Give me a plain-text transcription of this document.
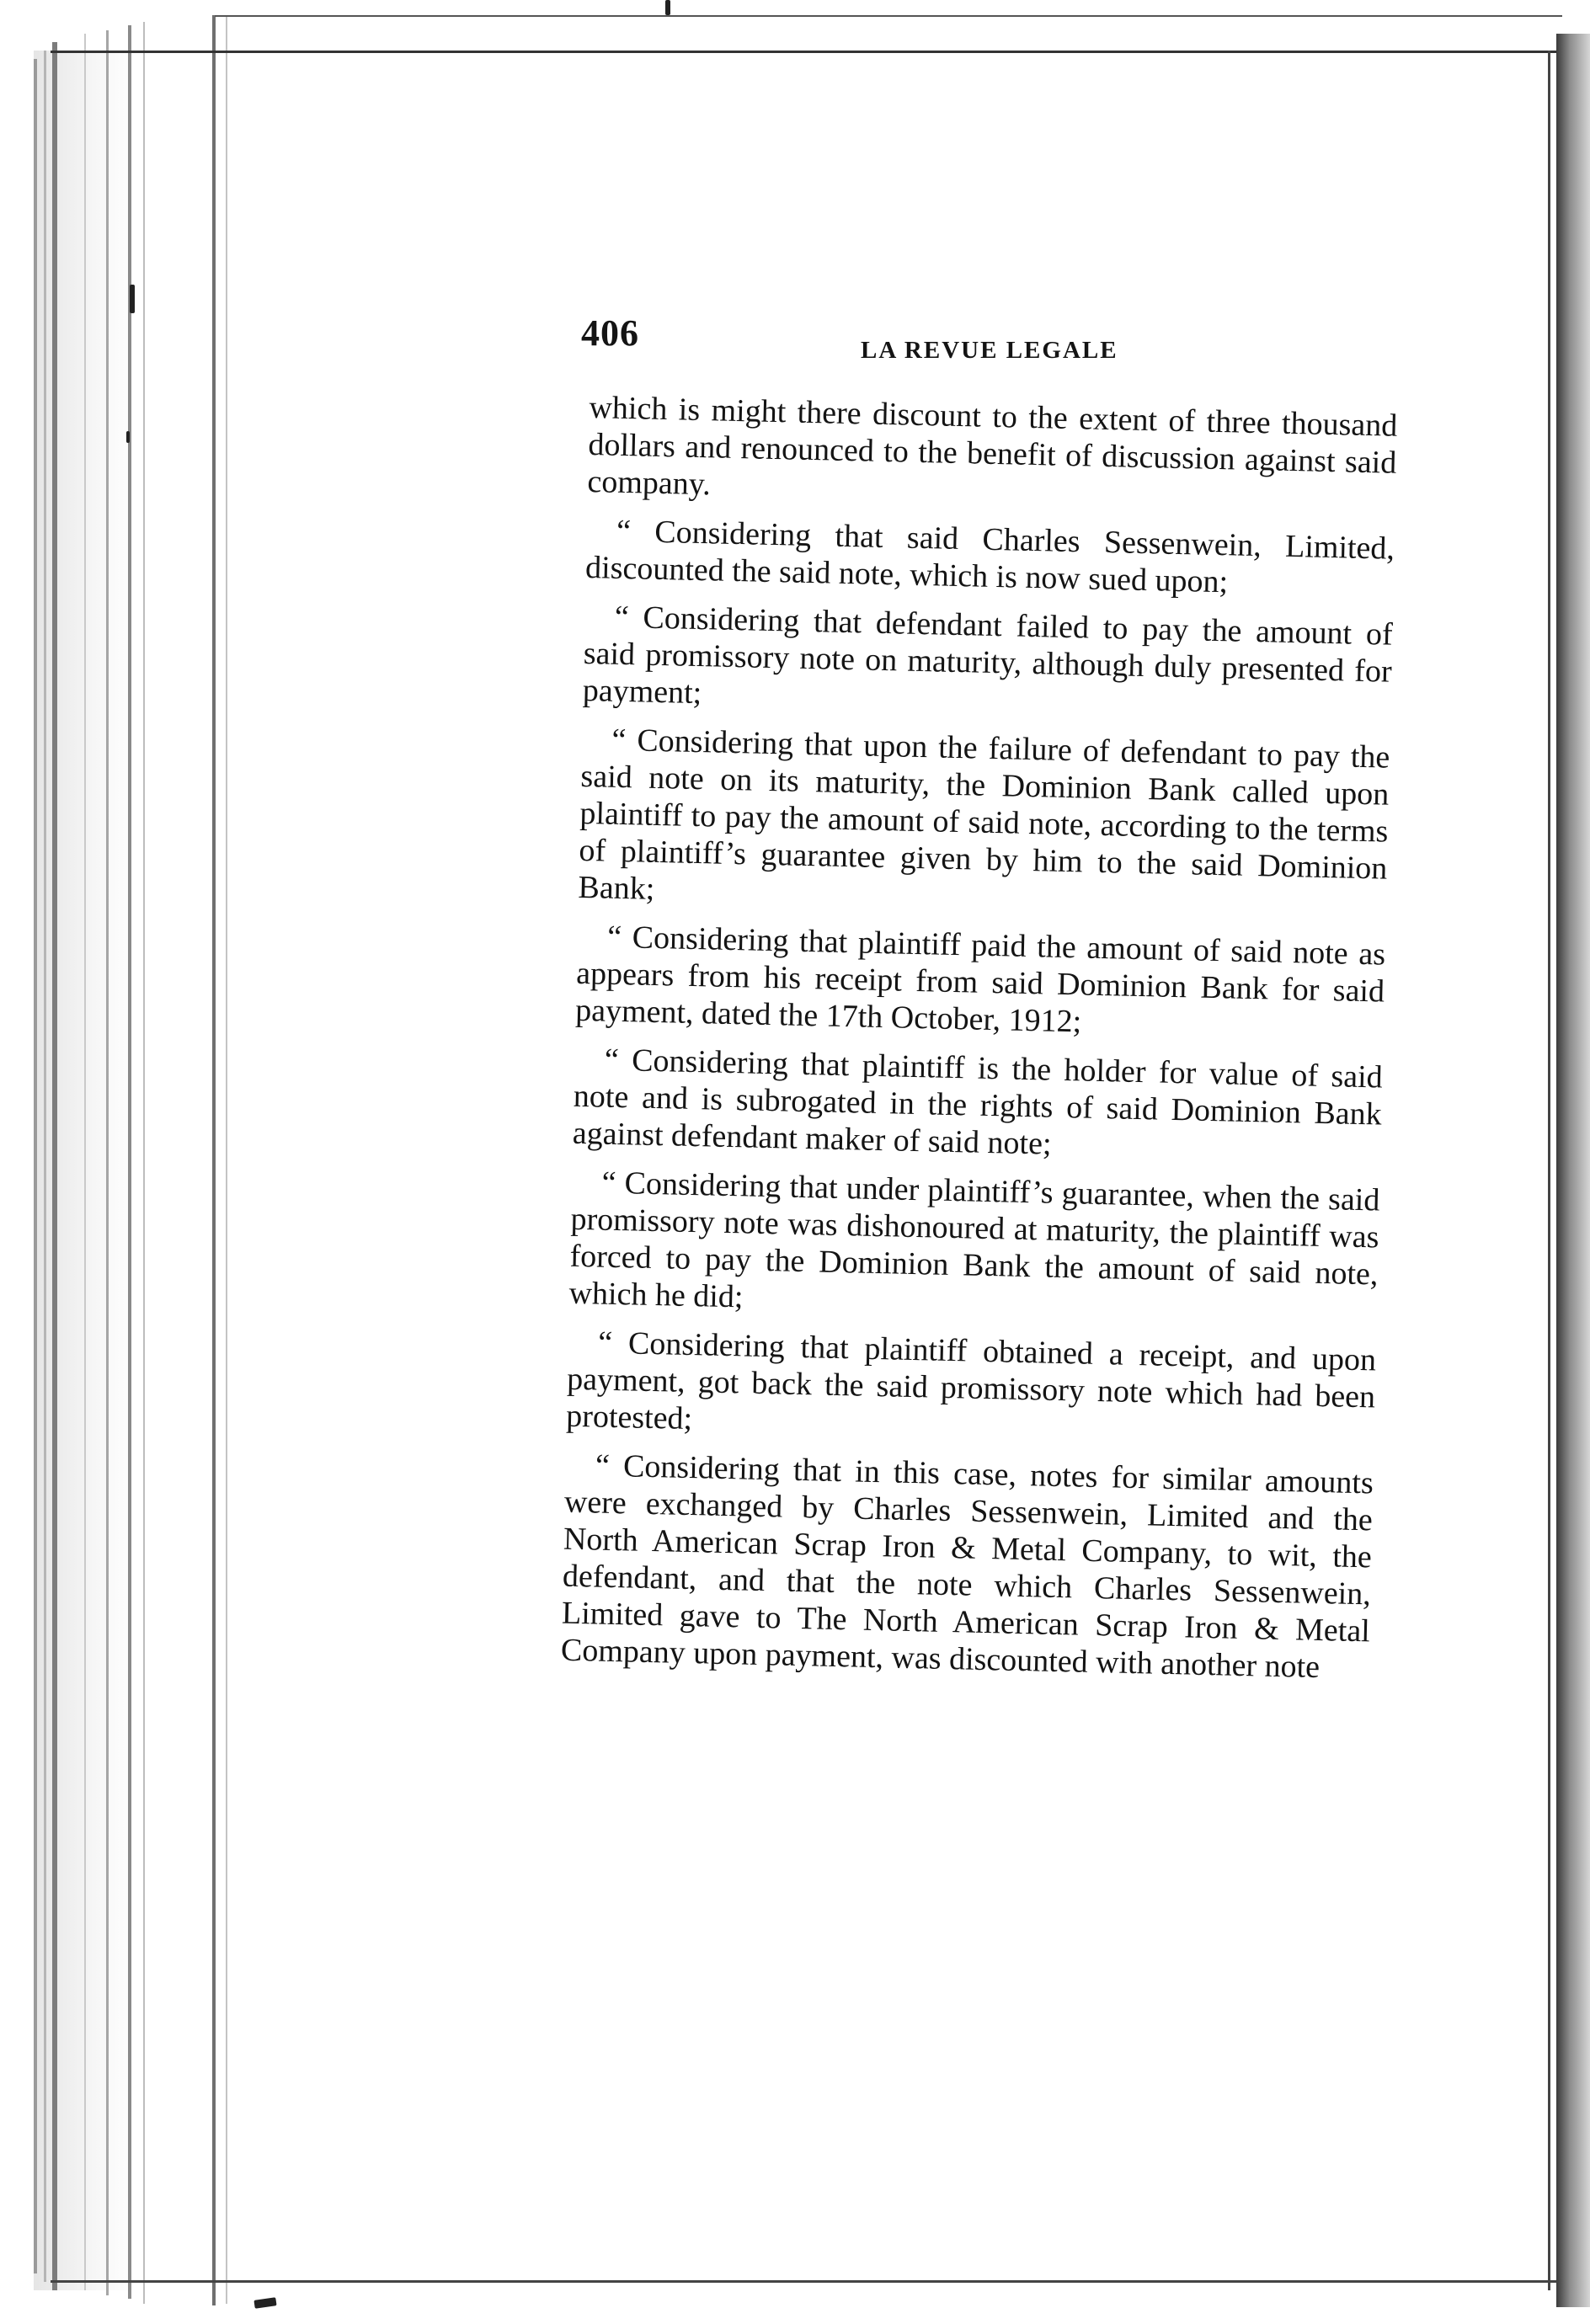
406	LA REVUE LEGALE

which is might there discount to the extent of three thousand dollars and renounced to the benefit of discussion against said company.

“ Considering that said Charles Sessenwein, Limited, discounted the said note, which is now sued upon;

“ Considering that defendant failed to pay the amount of said promissory note on maturity, although duly presented for payment;

“ Considering that upon the failure of defendant to pay the said note on its maturity, the Dominion Bank called upon plaintiff to pay the amount of said note, according to the terms of plaintiff’s guarantee given by him to the said Dominion Bank;

“ Considering that plaintiff paid the amount of said note as appears from his receipt from said Dominion Bank for said payment, dated the 17th October, 1912;

“ Considering that plaintiff is the holder for value of said note and is subrogated in the rights of said Dominion Bank against defendant maker of said note;

“ Considering that under plaintiff’s guarantee, when the said promissory note was dishonoured at maturity, the plaintiff was forced to pay the Dominion Bank the amount of said note, which he did;

“ Considering that plaintiff obtained a receipt, and upon payment, got back the said promissory note which had been protested;

“ Considering that in this case, notes for similar amounts were exchanged by Charles Sessenwein, Limited and the North American Scrap Iron & Metal Company, to wit, the defendant, and that the note which Charles Sessenwein, Limited gave to The North American Scrap Iron & Metal Company upon payment, was discounted with another note
